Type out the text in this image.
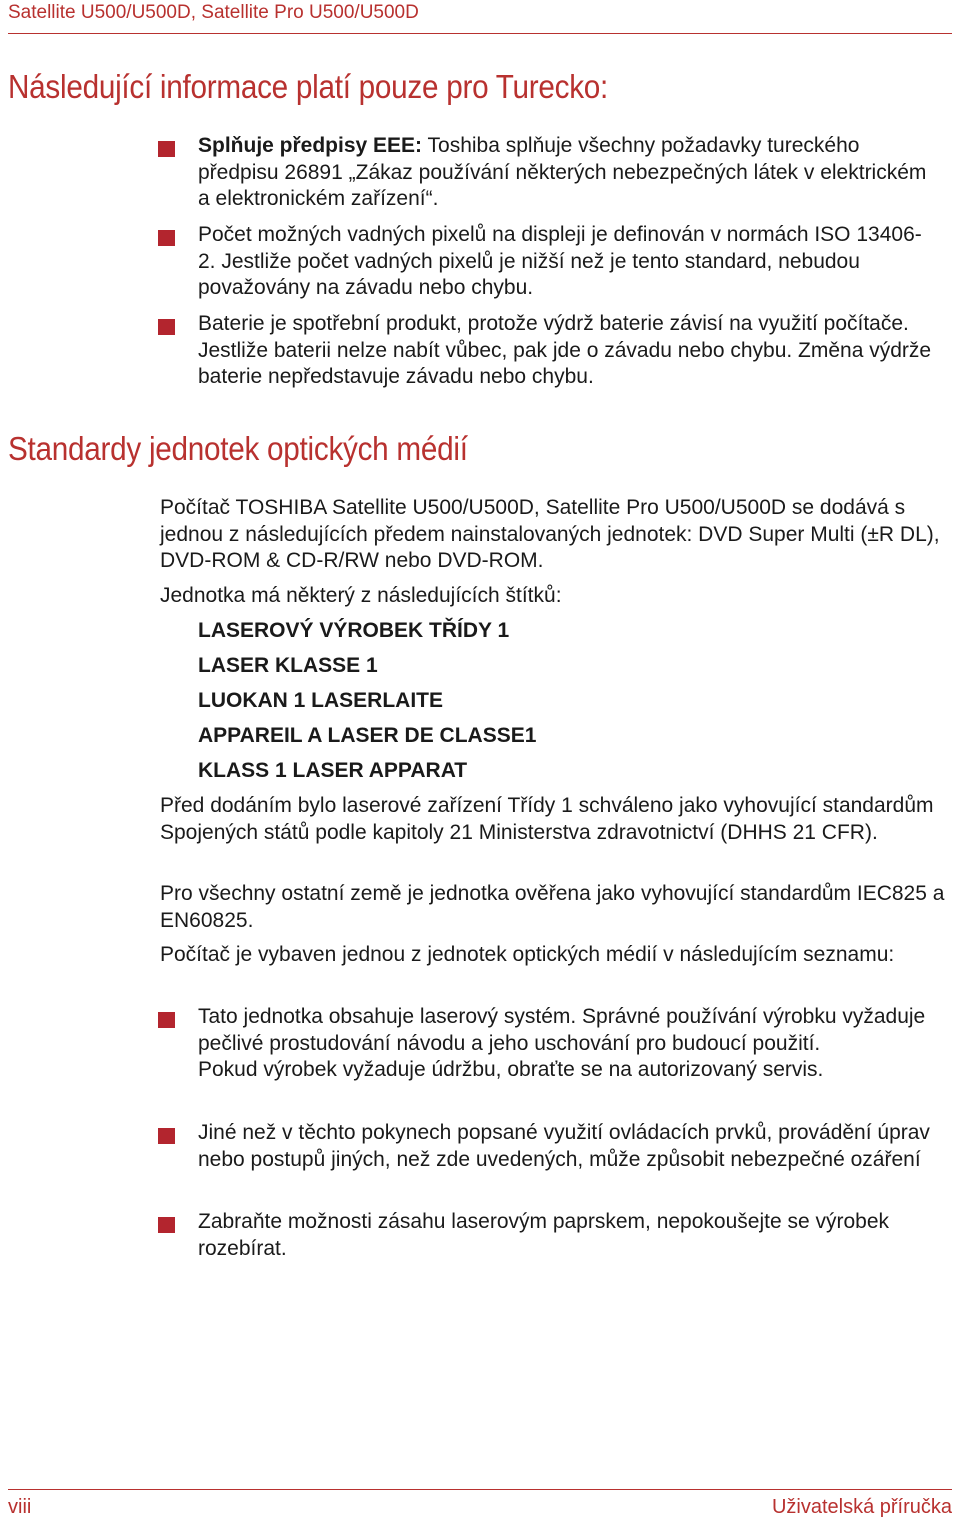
Satellite U500/U500D, Satellite Pro U500/U500D
Následující informace platí pouze pro Turecko:
Splňuje předpisy EEE: Toshiba splňuje všechny požadavky tureckého předpisu 26891 „Zákaz používání některých nebezpečných látek v elektrickém a elektronickém zařízení“.
Počet možných vadných pixelů na displeji je definován v normách ISO 13406-2. Jestliže počet vadných pixelů je nižší než je tento standard, nebudou považovány na závadu nebo chybu.
Baterie je spotřební produkt, protože výdrž baterie závisí na využití počítače. Jestliže baterii nelze nabít vůbec, pak jde o závadu nebo chybu. Změna výdrže baterie nepředstavuje závadu nebo chybu.
Standardy jednotek optických médií
Počítač TOSHIBA Satellite U500/U500D, Satellite Pro U500/U500D se dodává s jednou z následujících předem nainstalovaných jednotek: DVD Super Multi (±R DL), DVD-ROM & CD-R/RW nebo DVD-ROM.
Jednotka má některý z následujících štítků:
LASEROVÝ VÝROBEK TŘÍDY 1
LASER KLASSE 1
LUOKAN 1 LASERLAITE
APPAREIL A LASER DE CLASSE1
KLASS 1 LASER APPARAT
Před dodáním bylo laserové zařízení Třídy 1 schváleno jako vyhovující standardům Spojených států podle kapitoly 21 Ministerstva zdravotnictví (DHHS 21 CFR).
Pro všechny ostatní země je jednotka ověřena jako vyhovující standardům IEC825 a EN60825.
Počítač je vybaven jednou z jednotek optických médií v následujícím seznamu:
Tato jednotka obsahuje laserový systém. Správné používání výrobku vyžaduje pečlivé prostudování návodu a jeho uschování pro budoucí použití.
Pokud výrobek vyžaduje údržbu, obraťte se na autorizovaný servis.
Jiné než v těchto pokynech popsané využití ovládacích prvků, provádění úprav nebo postupů jiných, než zde uvedených, může způsobit nebezpečné ozáření
Zabraňte možnosti zásahu laserovým paprskem, nepokoušejte se výrobek rozebírat.
viii	Uživatelská příručka
